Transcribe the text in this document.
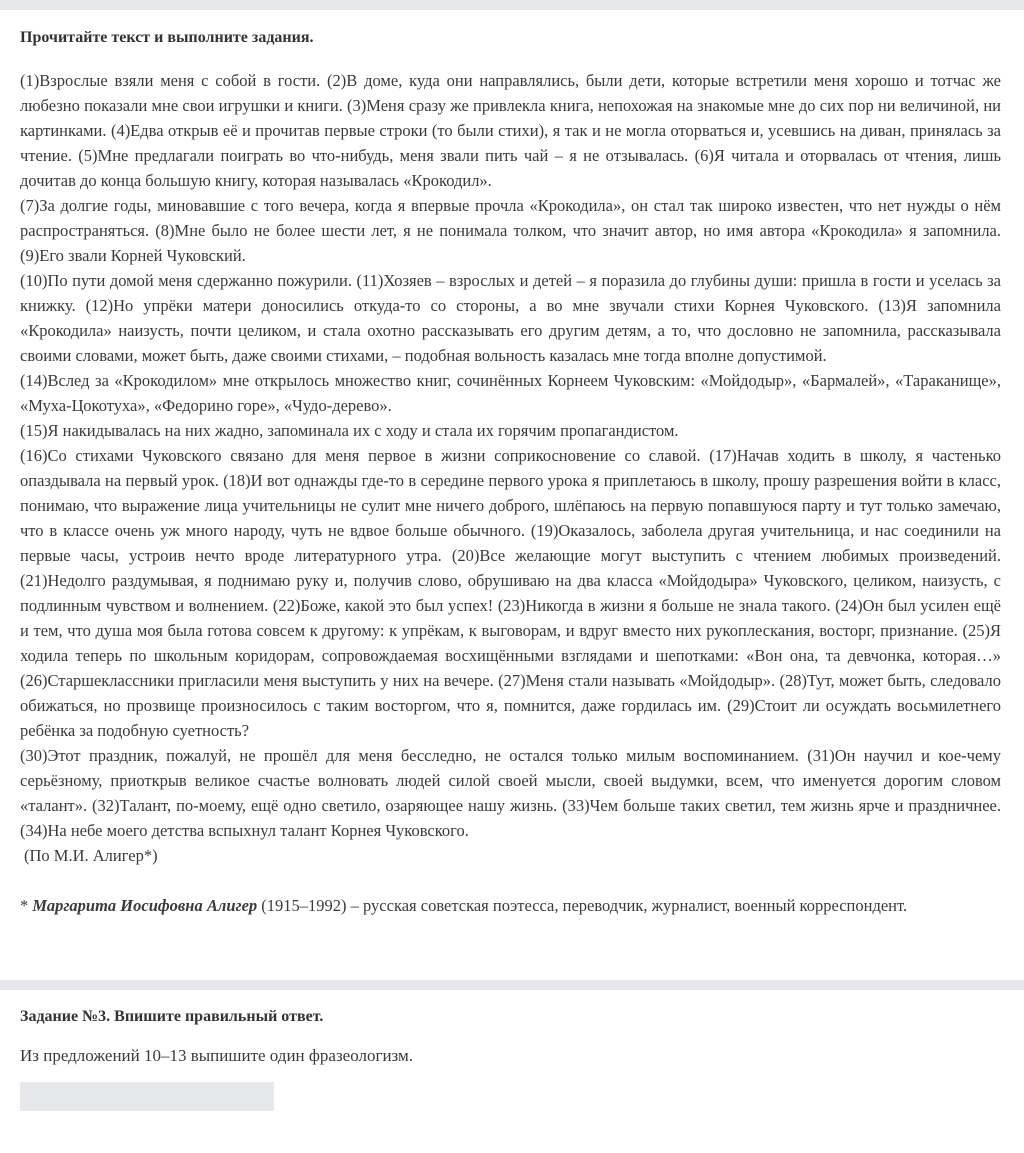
Прочитайте текст и выполните задания.

(1)Взрослые взяли меня с собой в гости. (2)В доме, куда они направлялись, были дети, которые встретили меня хорошо и тотчас же любезно показали мне свои игрушки и книги. (3)Меня сразу же привлекла книга, непохожая на знакомые мне до сих пор ни величиной, ни картинками. (4)Едва открыв её и прочитав первые строки (то были стихи), я так и не могла оторваться и, усевшись на диван, принялась за чтение. (5)Мне предлагали поиграть во что-нибудь, меня звали пить чай – я не отзывалась. (6)Я читала и оторвалась от чтения, лишь дочитав до конца большую книгу, которая называлась «Крокодил».

(7)За долгие годы, миновавшие с того вечера, когда я впервые прочла «Крокодила», он стал так широко известен, что нет нужды о нём распространяться. (8)Мне было не более шести лет, я не понимала толком, что значит автор, но имя автора «Крокодила» я запомнила. (9)Его звали Корней Чуковский.

(10)По пути домой меня сдержанно пожурили. (11)Хозяев – взрослых и детей – я поразила до глубины души: пришла в гости и уселась за книжку. (12)Но упрёки матери доносились откуда-то со стороны, а во мне звучали стихи Корнея Чуковского. (13)Я запомнила «Крокодила» наизусть, почти целиком, и стала охотно рассказывать его другим детям, а то, что дословно не запомнила, рассказывала своими словами, может быть, даже своими стихами, – подобная вольность казалась мне тогда вполне допустимой.

(14)Вслед за «Крокодилом» мне открылось множество книг, сочинённых Корнеем Чуковским: «Мойдодыр», «Бармалей», «Тараканище», «Муха-Цокотуха», «Федорино горе», «Чудо-дерево».

(15)Я накидывалась на них жадно, запоминала их с ходу и стала их горячим пропагандистом.

(16)Со стихами Чуковского связано для меня первое в жизни соприкосновение со славой. (17)Начав ходить в школу, я частенько опаздывала на первый урок. (18)И вот однажды где-то в середине первого урока я приплетаюсь в школу, прошу разрешения войти в класс, понимаю, что выражение лица учительницы не сулит мне ничего доброго, шлёпаюсь на первую попавшуюся парту и тут только замечаю, что в классе очень уж много народу, чуть не вдвое больше обычного. (19)Оказалось, заболела другая учительница, и нас соединили на первые часы, устроив нечто вроде литературного утра. (20)Все желающие могут выступить с чтением любимых произведений. (21)Недолго раздумывая, я поднимаю руку и, получив слово, обрушиваю на два класса «Мойдодыра» Чуковского, целиком, наизусть, с подлинным чувством и волнением. (22)Боже, какой это был успех! (23)Никогда в жизни я больше не знала такого. (24)Он был усилен ещё и тем, что душа моя была готова совсем к другому: к упрёкам, к выговорам, и вдруг вместо них рукоплескания, восторг, признание. (25)Я ходила теперь по школьным коридорам, сопровождаемая восхищёнными взглядами и шепотками: «Вон она, та девчонка, которая…» (26)Старшеклассники пригласили меня выступить у них на вечере. (27)Меня стали называть «Мойдодыр». (28)Тут, может быть, следовало обижаться, но прозвище произносилось с таким восторгом, что я, помнится, даже гордилась им. (29)Стоит ли осуждать восьмилетнего ребёнка за подобную суетность?

(30)Этот праздник, пожалуй, не прошёл для меня бесследно, не остался только милым воспоминанием. (31)Он научил и кое-чему серьёзному, приоткрыв великое счастье волновать людей силой своей мысли, своей выдумки, всем, что именуется дорогим словом «талант». (32)Талант, по-моему, ещё одно светило, озаряющее нашу жизнь. (33)Чем больше таких светил, тем жизнь ярче и праздничнее. (34)На небе моего детства вспыхнул талант Корнея Чуковского.

(По М.И. Алигер*)

* Маргарита Иосифовна Алигер (1915–1992) – русская советская поэтесса, переводчик, журналист, военный корреспондент.

Задание №3. Впишите правильный ответ.

Из предложений 10–13 выпишите один фразеологизм.
